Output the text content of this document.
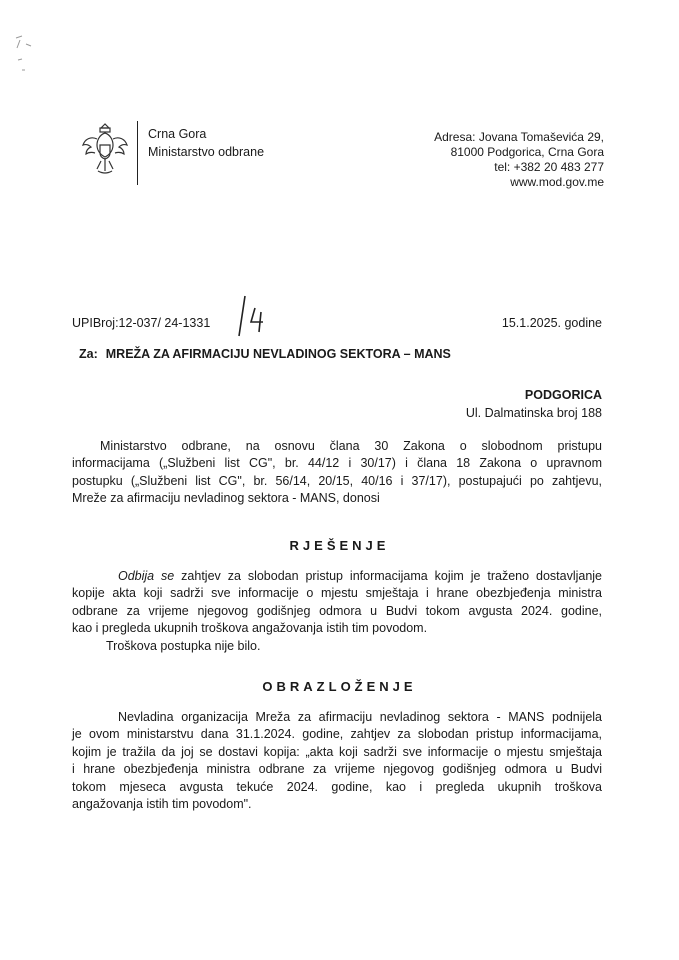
Crna Gora
Ministarstvo odbrane
Adresa: Jovana Tomaševića 29,
81000 Podgorica, Crna Gora
tel: +382 20 483 277
www.mod.gov.me
UPIBroj:12-037/ 24-1331	15.1.2025. godine
Za: MREŽA ZA AFIRMACIJU NEVLADINOG SEKTORA – MANS
PODGORICA
Ul. Dalmatinska broj 188
Ministarstvo odbrane, na osnovu člana 30 Zakona o slobodnom pristupu
informacijama („Službeni list CG", br. 44/12 i 30/17) i člana 18 Zakona o upravnom
postupku („Službeni list CG", br. 56/14, 20/15, 40/16 i 37/17), postupajući po zahtjevu,
Mreže za afirmaciju nevladinog sektora - MANS, donosi
RJEŠENJE
Odbija se zahtjev za slobodan pristup informacijama kojim je traženo dostavljanje
kopije akta koji sadrži sve informacije o mjestu smještaja i hrane obezbjeđenja ministra
odbrane za vrijeme njegovog godišnjeg odmora u Budvi tokom avgusta 2024. godine,
kao i pregleda ukupnih troškova angažovanja istih tim povodom.
Troškova postupka nije bilo.
OBRAZLOŽENJE
Nevladina organizacija Mreža za afirmaciju nevladinog sektora - MANS podnijela
je ovom ministarstvu dana 31.1.2024. godine, zahtjev za slobodan pristup informacijama,
kojim je tražila da joj se dostavi kopija: „akta koji sadrži sve informacije o mjestu smještaja
i hrane obezbjeđenja ministra odbrane za vrijeme njegovog godišnjeg odmora u Budvi
tokom mjeseca avgusta tekuće 2024. godine, kao i pregleda ukupnih troškova
angažovanja istih tim povodom".
